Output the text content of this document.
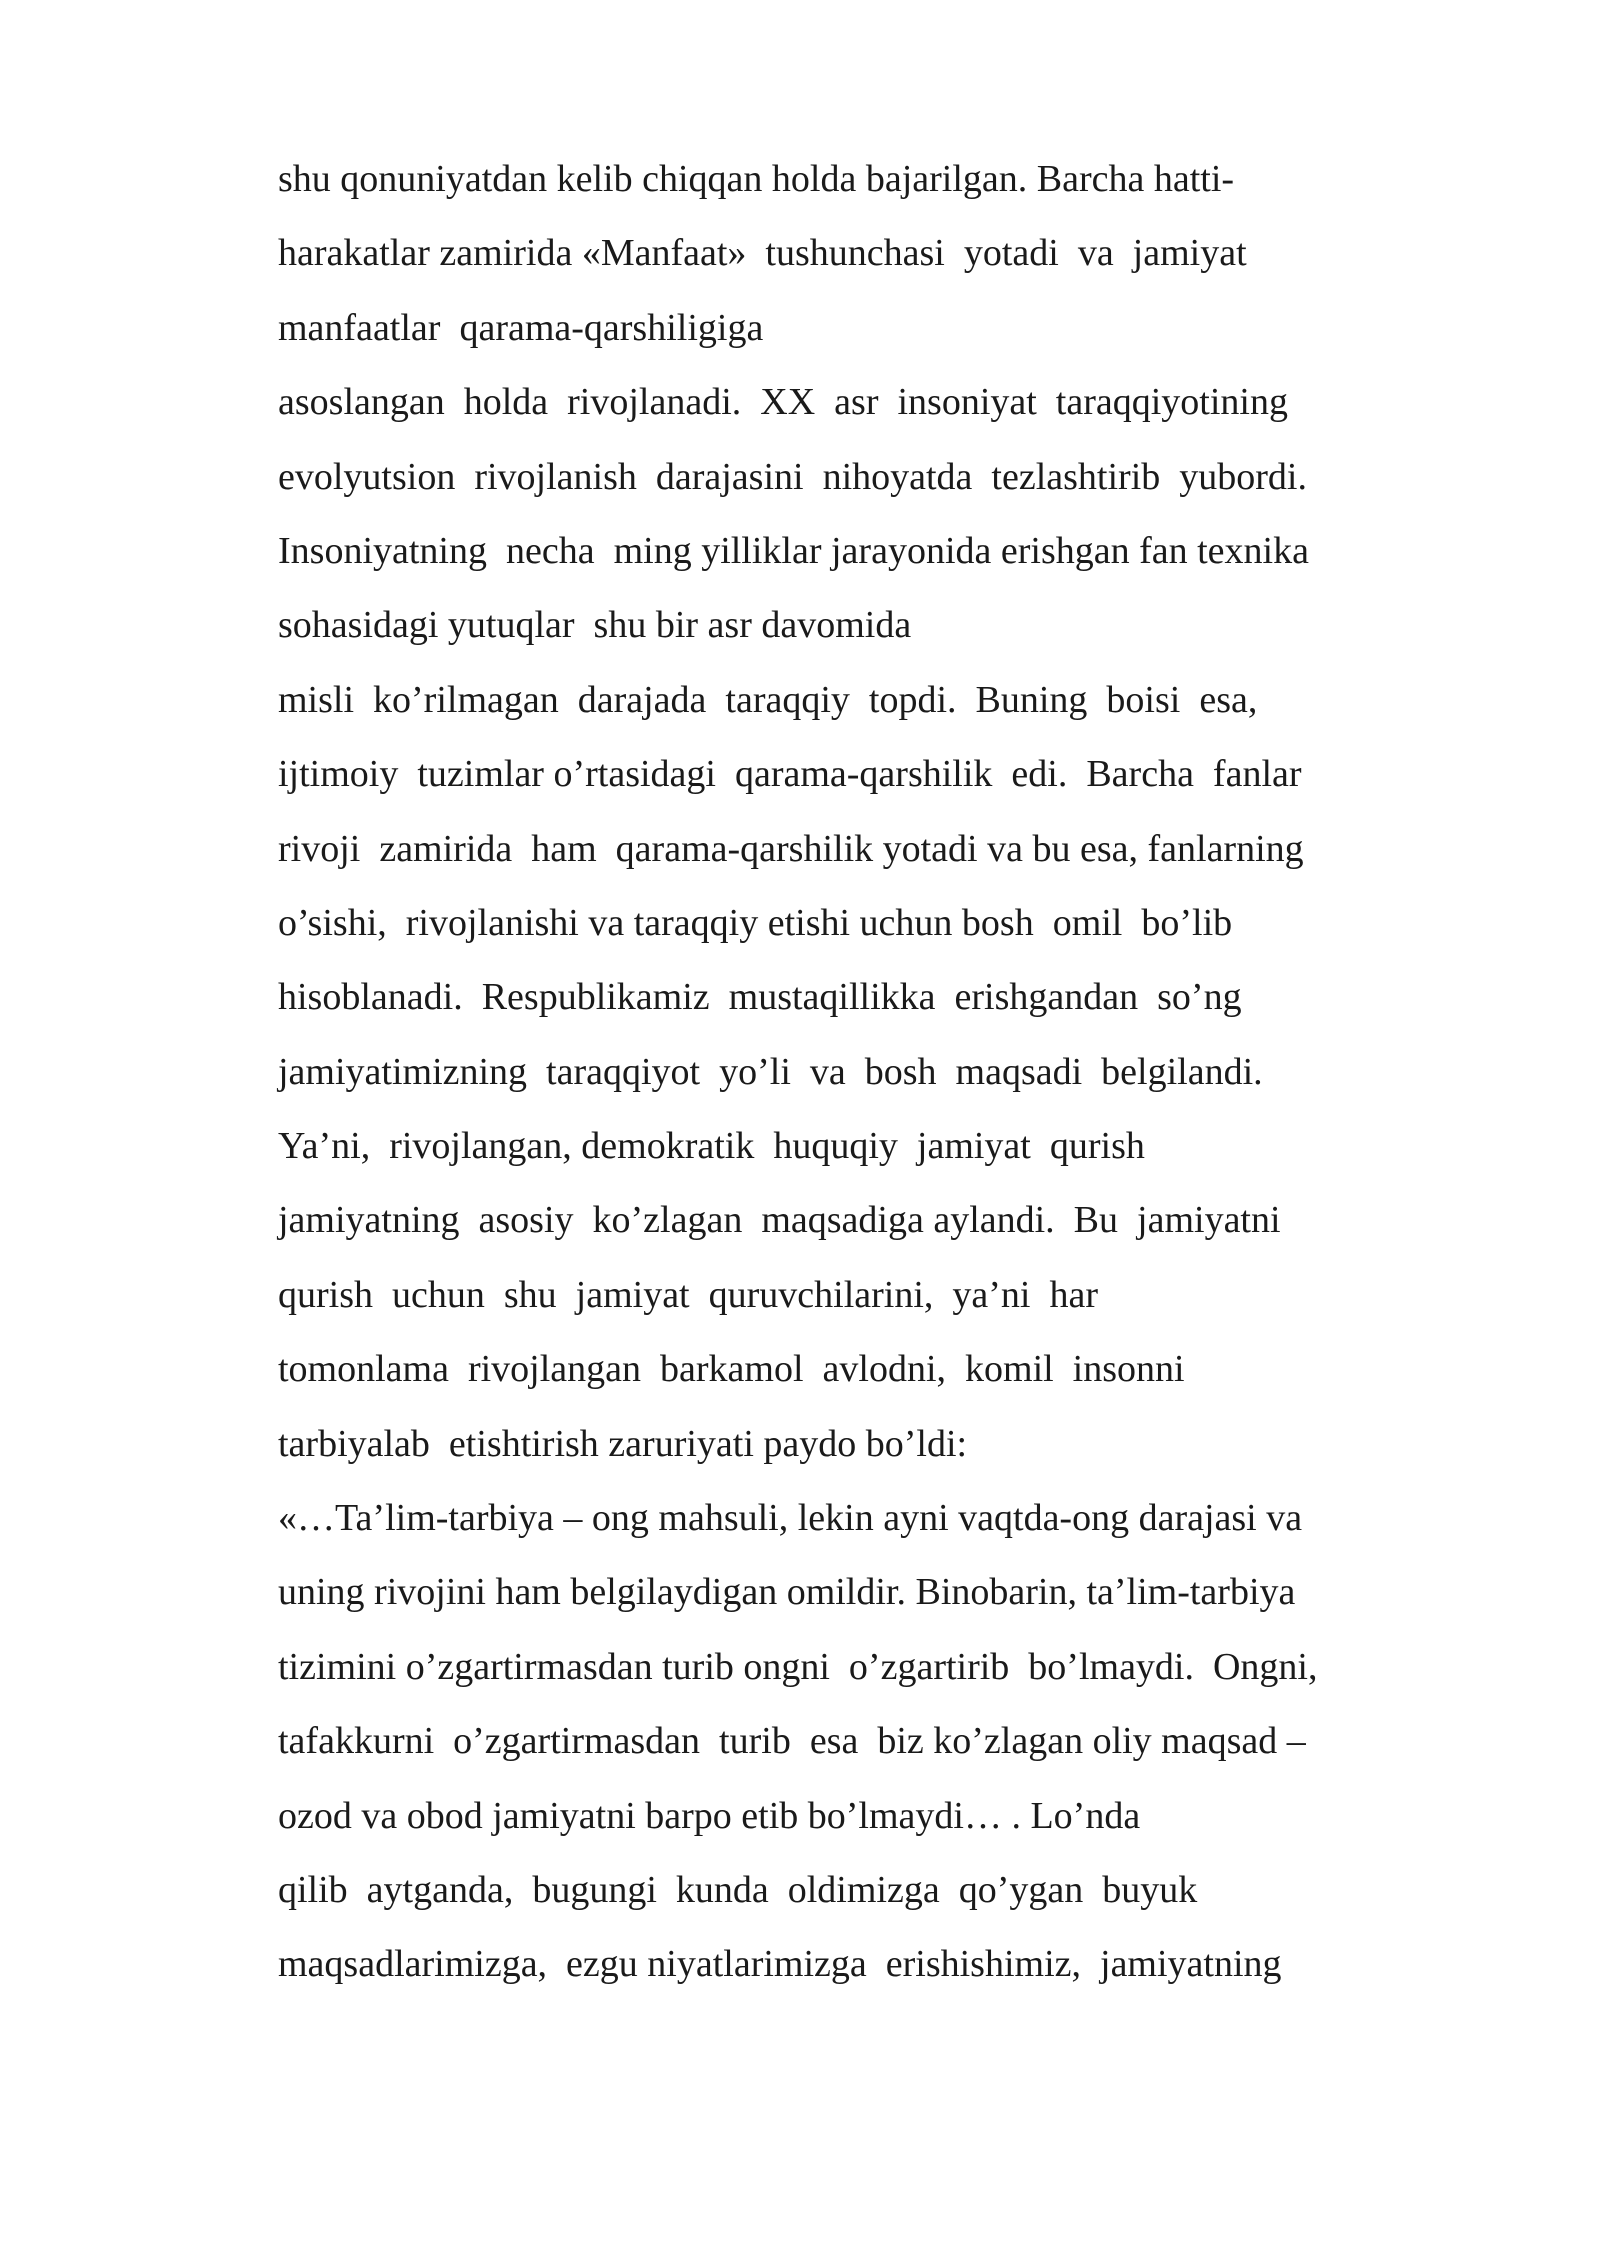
shu qonuniyatdan kelib chiqqan holda bajarilgan. Barcha hatti-
harakatlar zamirida «Manfaat»  tushunchasi  yotadi  va  jamiyat
manfaatlar  qarama-qarshiligiga
asoslangan  holda  rivojlanadi.  XX  asr  insoniyat  taraqqiyotining
evolyutsion  rivojlanish  darajasini  nihoyatda  tezlashtirib  yubordi.
Insoniyatning  necha  ming yilliklar jarayonida erishgan fan texnika
sohasidagi yutuqlar  shu bir asr davomida
misli  ko’rilmagan  darajada  taraqqiy  topdi.  Buning  boisi  esa,
ijtimoiy  tuzimlar o’rtasidagi  qarama-qarshilik  edi.  Barcha  fanlar
rivoji  zamirida  ham  qarama-qarshilik yotadi va bu esa, fanlarning
o’sishi,  rivojlanishi va taraqqiy etishi uchun bosh  omil  bo’lib
hisoblanadi.  Respublikamiz  mustaqillikka  erishgandan  so’ng
jamiyatimizning  taraqqiyot  yo’li  va  bosh  maqsadi  belgilandi.
Ya’ni,  rivojlangan, demokratik  huquqiy  jamiyat  qurish
jamiyatning  asosiy  ko’zlagan  maqsadiga aylandi.  Bu  jamiyatni
qurish  uchun  shu  jamiyat  quruvchilarini,  ya’ni  har
tomonlama  rivojlangan  barkamol  avlodni,  komil  insonni
tarbiyalab  etishtirish zaruriyati paydo bo’ldi:
«…Ta’lim-tarbiya – ong mahsuli, lekin ayni vaqtda-ong darajasi va
uning rivojini ham belgilaydigan omildir. Binobarin, ta’lim-tarbiya
tizimini o’zgartirmasdan turib ongni  o’zgartirib  bo’lmaydi.  Ongni,
tafakkurni  o’zgartirmasdan  turib  esa  biz ko’zlagan oliy maqsad –
ozod va obod jamiyatni barpo etib bo’lmaydi… . Lo’nda
qilib  aytganda,  bugungi  kunda  oldimizga  qo’ygan  buyuk
maqsadlarimizga,  ezgu niyatlarimizga  erishishimiz,  jamiyatning
